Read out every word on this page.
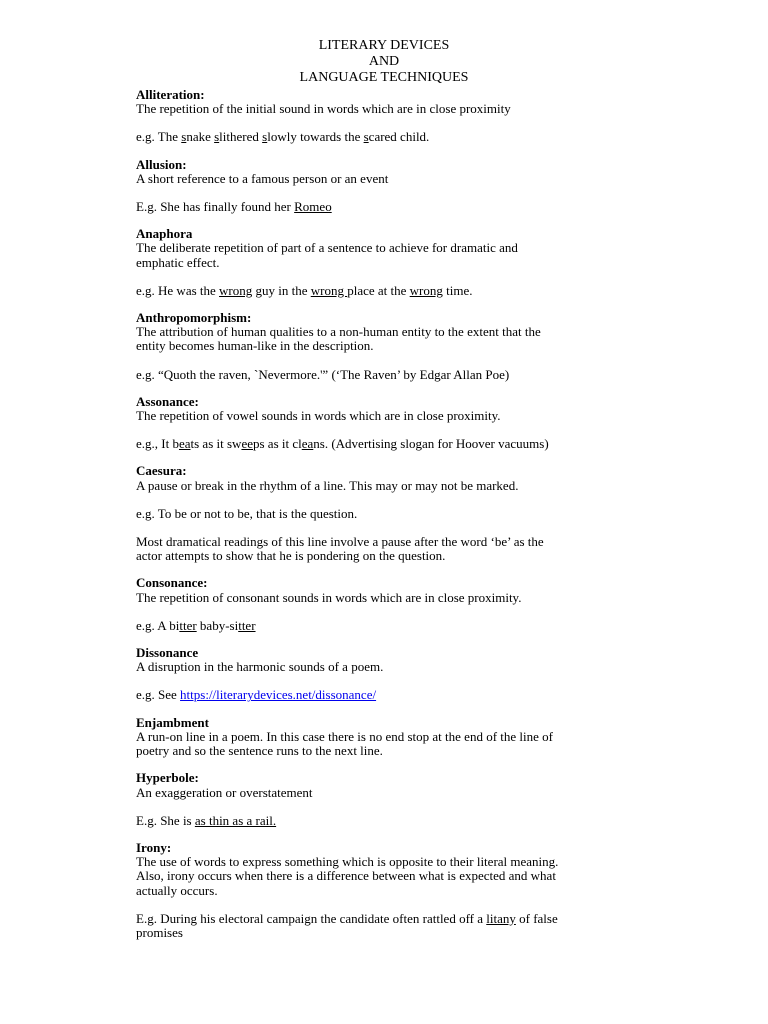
LITERARY DEVICES
AND
LANGUAGE TECHNIQUES
Alliteration:
The repetition of the initial sound in words which are in close proximity
e.g. The snake slithered slowly towards the scared child.
Allusion:
A short reference to a famous person or an event
E.g. She has finally found her Romeo
Anaphora
The deliberate repetition of part of a sentence to achieve for dramatic and
emphatic effect.
e.g. He was the wrong guy in the wrong place at the wrong time.
Anthropomorphism:
The attribution of human qualities to a non-human entity to the extent that the
entity becomes human-like in the description.
e.g. “Quoth the raven, `Nevermore.'” (‘The Raven’ by Edgar Allan Poe)
Assonance:
The repetition of vowel sounds in words which are in close proximity.
e.g., It beats as it sweeps as it cleans. (Advertising slogan for Hoover vacuums)
Caesura:
A pause or break in the rhythm of a line. This may or may not be marked.
e.g. To be or not to be, that is the question.
Most dramatical readings of this line involve a pause after the word ‘be’ as the
actor attempts to show that he is pondering on the question.
Consonance:
The repetition of consonant sounds in words which are in close proximity.
e.g. A bitter baby-sitter
Dissonance
A disruption in the harmonic sounds of a poem.
e.g. See https://literarydevices.net/dissonance/
Enjambment
A run-on line in a poem. In this case there is no end stop at the end of the line of
poetry and so the sentence runs to the next line.
Hyperbole:
An exaggeration or overstatement
E.g. She is as thin as a rail.
Irony:
The use of words to express something which is opposite to their literal meaning.
Also, irony occurs when there is a difference between what is expected and what
actually occurs.
E.g. During his electoral campaign the candidate often rattled off a litany of false
promises
